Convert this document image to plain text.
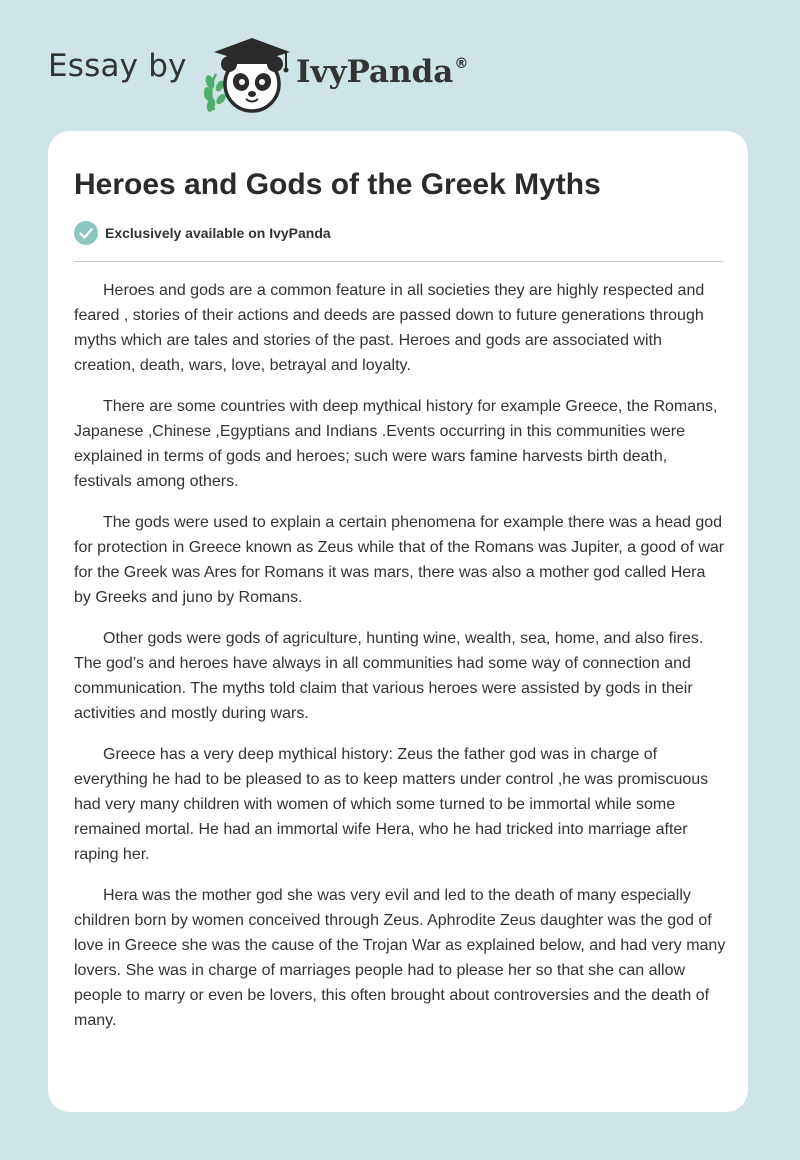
Essay by	IvyPanda®
Heroes and Gods of the Greek Myths
Exclusively available on IvyPanda

Heroes and gods are a common feature in all societies they are highly respected and feared , stories of their actions and deeds are passed down to future generations through myths which are tales and stories of the past. Heroes and gods are associated with creation, death, wars, love, betrayal and loyalty.

There are some countries with deep mythical history for example Greece, the Romans, Japanese ,Chinese ,Egyptians and Indians .Events occurring in this communities were explained in terms of gods and heroes; such were wars famine harvests birth death, festivals among others.

The gods were used to explain a certain phenomena for example there was a head god for protection in Greece known as Zeus while that of the Romans was Jupiter, a good of war for the Greek was Ares for Romans it was mars, there was also a mother god called Hera by Greeks and juno by Romans.

Other gods were gods of agriculture, hunting wine, wealth, sea, home, and also fires. The god’s and heroes have always in all communities had some way of connection and communication. The myths told claim that various heroes were assisted by gods in their activities and mostly during wars.

Greece has a very deep mythical history: Zeus the father god was in charge of everything he had to be pleased to as to keep matters under control ,he was promiscuous had very many children with women of which some turned to be immortal while some remained mortal. He had an immortal wife Hera, who he had tricked into marriage after raping her.

Hera was the mother god she was very evil and led to the death of many especially children born by women conceived through Zeus. Aphrodite Zeus daughter was the god of love in Greece she was the cause of the Trojan War as explained below, and had very many lovers. She was in charge of marriages people had to please her so that she can allow people to marry or even be lovers, this often brought about controversies and the death of many.
